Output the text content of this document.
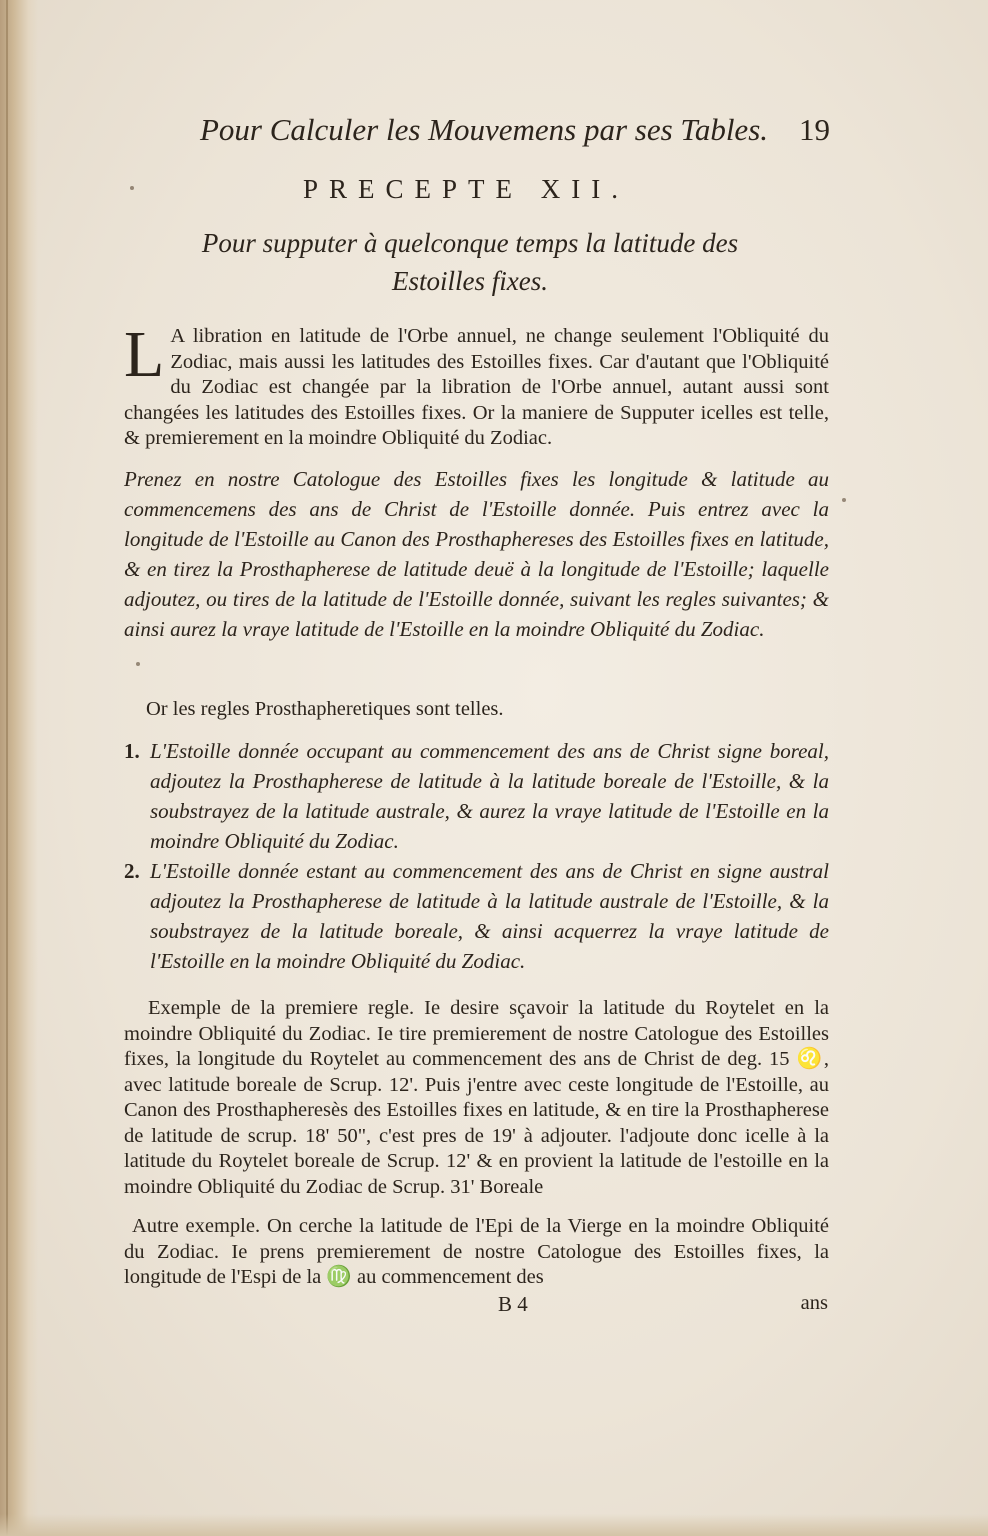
Pour Calculer les Mouvemens par ses Tables. 19
PRECEPTE XII.
Pour supputer à quelconque temps la latitude des Estoilles fixes.
L A libration en latitude de l'Orbe annuel, ne change seulement l'Obliquité du Zodiac, mais aussi les latitudes des Estoilles fixes. Car d'autant que l'Obliquité du Zodiac est changée par la libration de l'Orbe annuel, autant aussi sont changées les latitudes des Estoilles fixes. Or la maniere de Supputer icelles est telle, & premierement en la moindre Obliquité du Zodiac.
Prenez en nostre Catologue des Estoilles fixes les longitude & latitude au commencemens des ans de Christ de l'Estoille donnée. Puis entrez avec la longitude de l'Estoille au Canon des Prosthaphereses des Estoilles fixes en latitude, & en tirez la Prosthapherese de latitude deuë à la longitude de l'Estoille; laquelle adjoutez, ou tires de la latitude de l'Estoille donnée, suivant les regles suivantes; & ainsi aurez la vraye latitude de l'Estoille en la moindre Obliquité du Zodiac.
Or les regles Prosthapheretiques sont telles.
1. L'Estoille donnée occupant au commencement des ans de Christ signe boreal, adjoutez la Prosthapherese de latitude à la latitude boreale de l'Estoille, & la soubstrayez de la latitude australe, & aurez la vraye latitude de l'Estoille en la moindre Obliquité du Zodiac.
2. L'Estoille donnée estant au commencement des ans de Christ en signe austral adjoutez la Prosthapherese de latitude à la latitude australe de l'Estoille, & la soubstrayez de la latitude boreale, & ainsi acquerrez la vraye latitude de l'Estoille en la moindre Obliquité du Zodiac.
Exemple de la premiere regle. Ie desire sçavoir la latitude du Roytelet en la moindre Obliquité du Zodiac. Ie tire premierement de nostre Catologue des Estoilles fixes, la longitude du Roytelet au commencement des ans de Christ de deg. 15 ♌, avec latitude boreale de Scrup. 12'. Puis j'entre avec ceste longitude de l'Estoille, au Canon des Prosthapheresès des Estoilles fixes en latitude, & en tire la Prosthapherese de latitude de scrup. 18' 50", c'est pres de 19' à adjouter. l'adjoute donc icelle à la latitude du Roytelet boreale de Scrup. 12' & en provient la latitude de l'estoille en la moindre Obliquité du Zodiac de Scrup. 31' Boreale
Autre exemple. On cerche la latitude de l'Epi de la Vierge en la moindre Obliquité du Zodiac. Ie prens premierement de nostre Catologue des Estoilles fixes, la longitude de l'Espi de la ♍ au commencement des
B 4	ans
